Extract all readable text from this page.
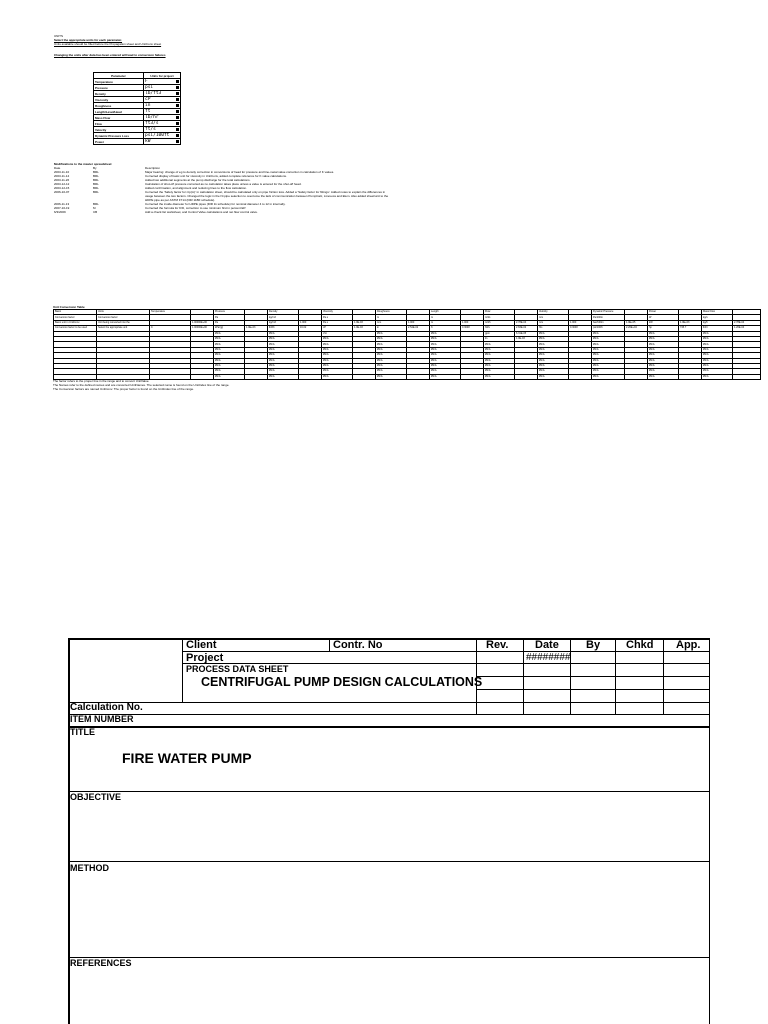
UNITS
Select the appropriate units for each parameter.
Units available should be filled before the Propagation sheet and UnitConv sheet
Changing the units after data has been entered will lead to conversion failures
Parameter	Units for project
Temperature	F

Pressure	psi

Density	lb/ft3

Viscosity	cP

Roughness	in

Length/Level/Head	ft

Mass Flow	lb/hr

Flow	ft3/s

Velocity	ft/s

Dynamic Pressure Loss	psi/100ft

Power	kW
Modifications to the master spreadsheet
Date	By	Description
2003-11-10	BRL	Major bearing: change of eg to density correction in conversions of head for pressure and line-metal value correction in calculation of K values.
2003-11-14	BRL	Corrected display of basic unit for viscosity in UnitConv, added complete reference for K value calculations.
2003-11-26	BRL	Added two additional segments at the pump discharge for the total calculations.
2003-12-12	BRL	Calculation of shut-off pressure corrected as no calculation takes place unless a value is entered for the shut-off head.
2003-12-15	BRL	Added confirmation, and alignment and reducing lines to the flow calculation.
2006-10-07	BRL	Corrected the 'Safety factor for n/p(m)' in calculation sheet, should be calculated only on pipe friction loss. Added a 'Safety factor for fittings'. Added notes to explain the differences in usage between the two factors. Changed the logic in the Ni pipe selection to overcome the lack of communication between PumpCalc, LineLoss and Elem. Also added sheet/unit to the HDPE pipe as per ASTM F714 (DIR 11BF schedule).
2006-11-13	BRL	Corrected the inside diameter for HDPE pipes (DIR 11 schedule) for nominal diameter 4 to 12 in internally.
2007-10-19	M	Corrected the formula for K/D, correction to use minimum first in percent EP.
6/3/2009	CB	Add a check list worksheet, and Control Valve calculations and net flow control valve.
Unit Conversion Table
Basic	Units	Temperature		Pressure		Density		Viscosity		Roughness		Length		Flow		Velocity		Dynamic Pressure		Power		Mass Flow	
Conversion factor	Conversion factor			Pa		kg/m3		Pa.s		m		m		m3/s		m/s		Pa/100m		W		kg/s	
Basic unit in UnitConv	Unit being converted into the		1.00000E+00	Pa		kg/m3	1.000	Pa.s	1.0E-03	mm	1.000	m	1.000	m3/h	2.78E-04	m/s	1.000	bar/100m	1.0E+05	kW	1.0E+03	kg/h	2.78E-04
Conversion factor to be used	Select the appropriate unit	C	1.00000E+00	kPa/(g)	1.0E+03	lb/ft3	16.02	cP	1.0E-03	in	2.54E-02	ft	0.3048	ft3/s	2.83E-02	ft/s	0.3048	psi/100ft	2.26E+04	hp	745.7	lb/hr	1.26E-04
				#N/A		#N/A		cSt		#N/A		#N/A		gpm	6.31E-05	#N/A		#N/A		#N/A		#N/A	
				#N/A		#N/A		#N/A		#N/A		#N/A		l/s	1.0E-03	#N/A		#N/A		#N/A		#N/A	
				#N/A		#N/A		#N/A		#N/A		#N/A		#N/A		#N/A		#N/A		#N/A		#N/A	
				#N/A		#N/A		#N/A		#N/A		#N/A		#N/A		#N/A		#N/A		#N/A		#N/A	
				#N/A		#N/A		#N/A		#N/A		#N/A		#N/A		#N/A		#N/A		#N/A		#N/A	
				#N/A		#N/A		#N/A		#N/A		#N/A		#N/A		#N/A		#N/A		#N/A		#N/A	
				#N/A		#N/A		#N/A		#N/A		#N/A		#N/A		#N/A		#N/A		#N/A		#N/A	
				#N/A		#N/A		#N/A		#N/A		#N/A		#N/A		#N/A		#N/A		#N/A		#N/A	
				#N/A		#N/A		#N/A		#N/A		#N/A		#N/A		#N/A		#N/A		#N/A		#N/A	
The factor refers to the proper line in the range and to convert UnitValue.
The Names refer to the defined names and are converted UnitNames. The selected name is found on the UnitIndex line of the range.
The Conversion factors are named UnitConv. The proper factor is found on the UnitIndex line of the range.
Client	Contr. No	Rev. Date By Chkd App.
########
Project
PROCESS DATA SHEET
CENTRIFUGAL PUMP DESIGN CALCULATIONS
Calculation No.
ITEM NUMBER
TITLE
FIRE WATER PUMP
OBJECTIVE
METHOD
REFERENCES
